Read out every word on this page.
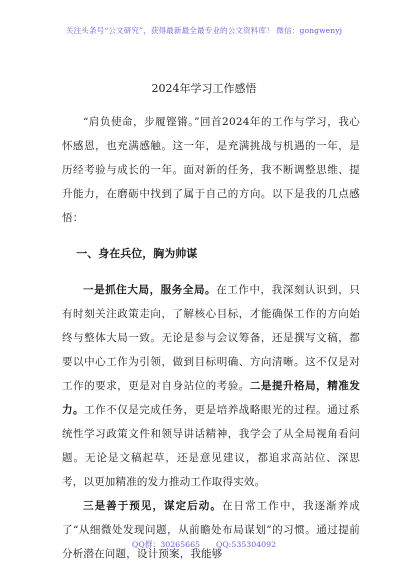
关注头条号“公文研究”，获得最新最全最专业的公文资料库！ 微信：gongwenyj
2024年学习工作感悟

“肩负使命，步履铿锵。”回首2024年的工作与学习，我心怀感恩，也充满感触。这一年，是充满挑战与机遇的一年，是历经考验与成长的一年。面对新的任务，我不断调整思维、提升能力，在磨砺中找到了属于自己的方向。以下是我的几点感悟：

一、身在兵位，胸为帅谋

一是抓住大局，服务全局。在工作中，我深刻认识到，只有时刻关注政策走向，了解核心目标，才能确保工作的方向始终与整体大局一致。无论是参与会议筹备，还是撰写文稿，都要以中心工作为引领，做到目标明确、方向清晰。这不仅是对工作的要求，更是对自身站位的考验。二是提升格局，精准发力。工作不仅是完成任务，更是培养战略眼光的过程。通过系统性学习政策文件和领导讲话精神，我学会了从全局视角看问题。无论是文稿起草，还是意见建议，都追求高站位、深思考，以更加精准的发力推动工作取得实效。

三是善于预见，谋定后动。在日常工作中，我逐渐养成了“从细微处发现问题，从前瞻处布局谋划”的习惯。通过提前分析潜在问题，设计预案，我能够

QQ群：30265665 QQ:535304092
